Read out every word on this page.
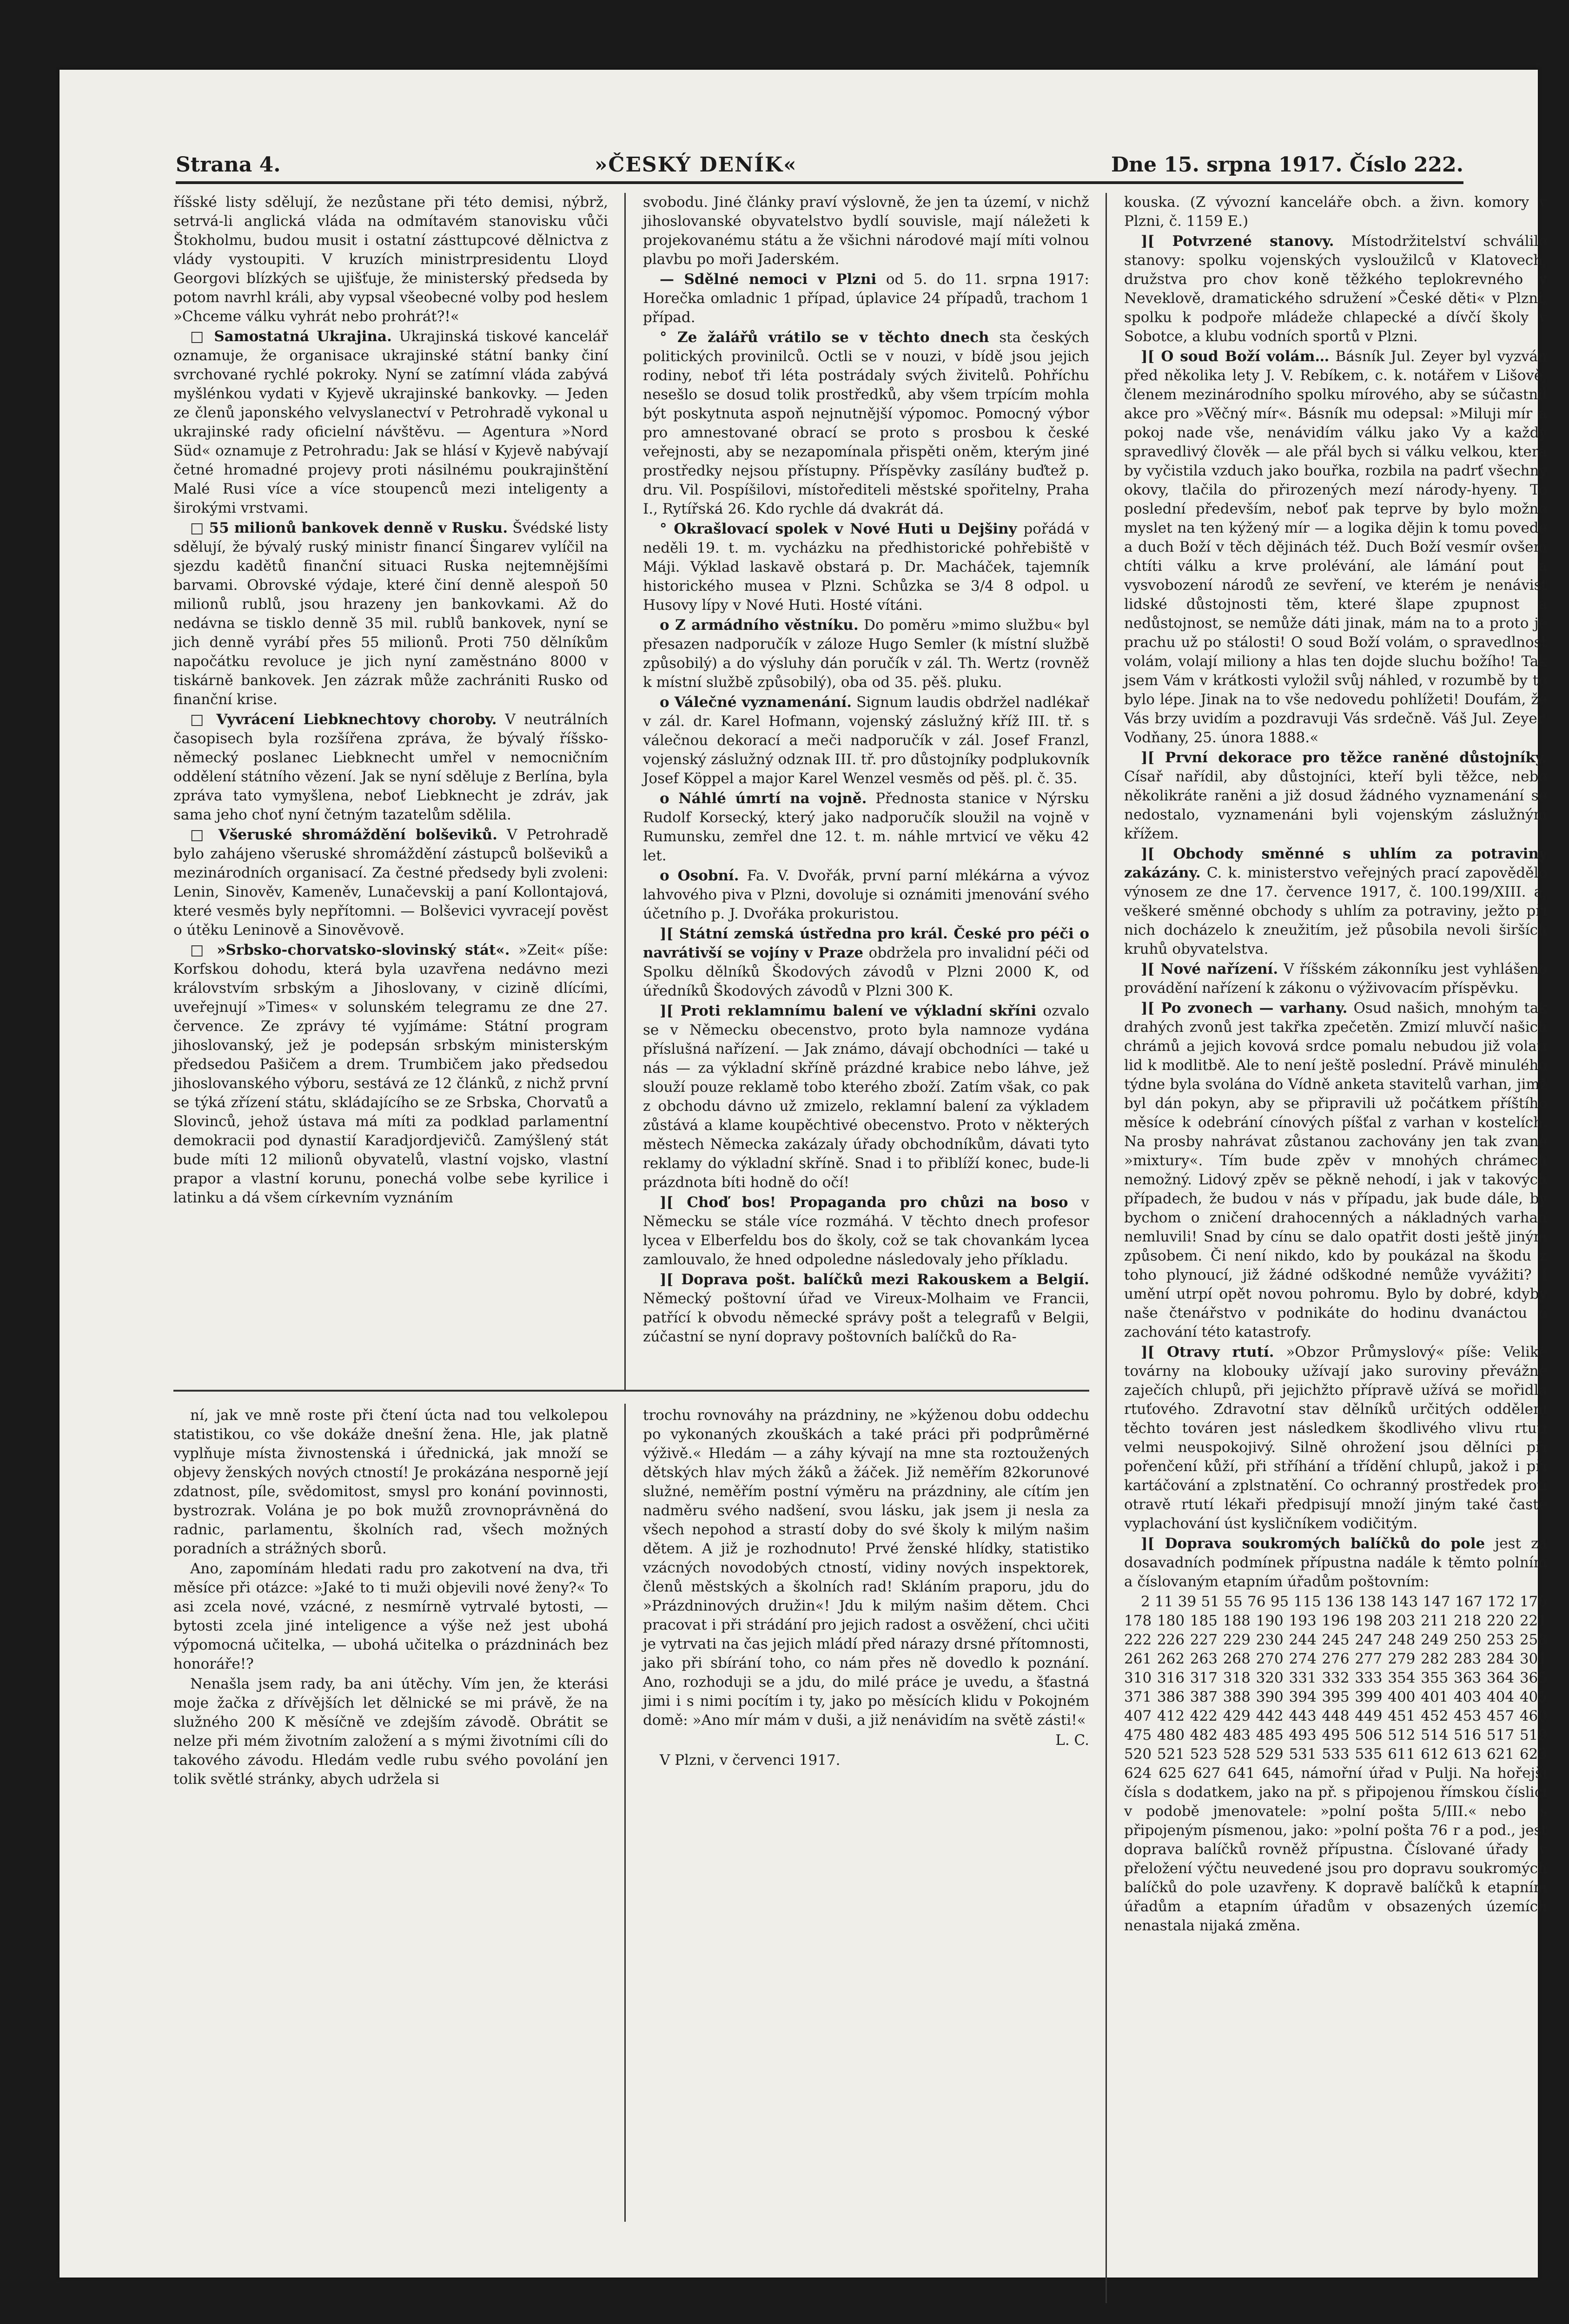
Strana 4.	»ČESKÝ DENÍK«	Dne 15. srpna 1917. Číslo 222.

říšské listy sdělují, že nezůstane při této demisi, nýbrž, setrvá-li anglická vláda na odmítavém stanovisku vůči Štokholmu, budou musit i ostatní zásttupcové dělnictva z vlády vystoupiti. V kruzích ministrpresidentu Lloyd Georgovi blízkých se ujišťuje, že ministerský předseda by potom navrhl králi, aby vypsal všeobecné volby pod heslem »Chceme válku vyhrát nebo prohrát?!«

□ Samostatná Ukrajina. Ukrajinská tiskové kancelář oznamuje, že organisace ukrajinské státní banky činí svrchované rychlé pokroky. Nyní se zatímní vláda zabývá myšlénkou vydati v Kyjevě ukrajinské bankovky. — Jeden ze členů japonského velvyslanectví v Petrohradě vykonal u ukrajinské rady oficielní návštěvu. — Agentura »Nord Süd« oznamuje z Petrohradu: Jak se hlásí v Kyjevě nabývají četné hromadné projevy proti násilnému poukrajinštění Malé Rusi více a více stoupenců mezi inteligenty a širokými vrstvami.

□ 55 milionů bankovek denně v Rusku. Švédské listy sdělují, že bývalý ruský ministr financí Šingarev vylíčil na sjezdu kadětů finanční situaci Ruska nejtemnějšími barvami. Obrovské výdaje, které činí denně alespoň 50 milionů rublů, jsou hrazeny jen bankovkami. Až do nedávna se tisklo denně 35 mil. rublů bankovek, nyní se jich denně vyrábí přes 55 milionů. Proti 750 dělníkům napočátku revoluce je jich nyní zaměstnáno 8000 v tiskárně bankovek. Jen zázrak může zachrániti Rusko od finanční krise.

□ Vyvrácení Liebknechtovy choroby. V neutrálních časopisech byla rozšířena zpráva, že bývalý říšsko-německý poslanec Liebknecht umřel v nemocničním oddělení státního vězení. Jak se nyní sděluje z Berlína, byla zpráva tato vymyšlena, neboť Liebknecht je zdráv, jak sama jeho choť nyní četným tazatelům sdělila.

□ Všeruské shromáždění bolševiků. V Petrohradě bylo zahájeno všeruské shromáždění zástupců bolševiků a mezinárodních organisací. Za čestné předsedy byli zvoleni: Lenin, Sinověv, Kameněv, Lunačevskij a paní Kollontajová, které vesměs byly nepřítomni. — Bolševici vyvracejí pověst o útěku Leninově a Sinověvově.

□ »Srbsko-chorvatsko-slovinský stát«. »Zeit« píše: Korfskou dohodu, která byla uzavřena nedávno mezi královstvím srbským a Jihoslovany, v cizině dlícími, uveřejnují »Times« v solunském telegramu ze dne 27. července. Ze zprávy té vyjímáme: Státní program jihoslovanský, jež je podepsán srbským ministerským předsedou Pašičem a drem. Trumbičem jako předsedou jihoslovanského výboru, sestává ze 12 článků, z nichž první se týká zřízení státu, skládajícího se ze Srbska, Chorvatů a Slovinců, jehož ústava má míti za podklad parlamentní demokracii pod dynastií Karadjordjevičů. Zamýšlený stát bude míti 12 milionů obyvatelů, vlastní vojsko, vlastní prapor a vlastní korunu, ponechá volbe sebe kyrilice i latinku a dá všem církevním vyznáním

svobodu. Jiné články praví výslovně, že jen ta území, v nichž jihoslovanské obyvatelstvo bydlí souvisle, mají náležeti k projekovanému státu a že všichni národové mají míti volnou plavbu po moři Jaderském.

— Sdělné nemoci v Plzni od 5. do 11. srpna 1917: Horečka omladnic 1 případ, úplavice 24 případů, trachom 1 případ.

° Ze žalářů vrátilo se v těchto dnech sta českých politických provinilců. Octli se v nouzi, v bídě jsou jejich rodiny, neboť tři léta postrádaly svých živitelů. Pohříchu nesešlo se dosud tolik prostředků, aby všem trpícím mohla být poskytnuta aspoň nejnutnější výpomoc. Pomocný výbor pro amnestované obrací se proto s prosbou k české veřejnosti, aby se nezapomínala přispěti oněm, kterým jiné prostředky nejsou přístupny. Příspěvky zasílány buďtež p. dru. Vil. Pospíšilovi, místořediteli městské spořitelny, Praha I., Rytířská 26. Kdo rychle dá dvakrát dá.

° Okrašlovací spolek v Nové Huti u Dejšiny pořádá v neděli 19. t. m. vycházku na předhistorické pohřebiště v Máji. Výklad laskavě obstará p. Dr. Macháček, tajemník historického musea v Plzni. Schůzka se 3/4 8 odpol. u Husovy lípy v Nové Huti. Hosté vítáni.

o Z armádního věstníku. Do poměru »mimo službu« byl přesazen nadporučík v záloze Hugo Semler (k místní službě způsobilý) a do výsluhy dán poručík v zál. Th. Wertz (rovněž k místní službě způsobilý), oba od 35. pěš. pluku.

o Válečné vyznamenání. Signum laudis obdržel nadlékař v zál. dr. Karel Hofmann, vojenský záslužný kříž III. tř. s válečnou dekorací a meči nadporučík v zál. Josef Franzl, vojenský záslužný odznak III. tř. pro důstojníky podplukovník Josef Köppel a major Karel Wenzel vesměs od pěš. pl. č. 35.

o Náhlé úmrtí na vojně. Přednosta stanice v Nýrsku Rudolf Korsecký, který jako nadporučík sloužil na vojně v Rumunsku, zemřel dne 12. t. m. náhle mrtvicí ve věku 42 let.

o Osobní. Fa. V. Dvořák, první parní mlékárna a vývoz lahvového piva v Plzni, dovoluje si oznámiti jmenování svého účetního p. J. Dvořáka prokuristou.

][ Státní zemská ústředna pro král. České pro péči o navrátivší se vojíny v Praze obdržela pro invalidní péči od Spolku dělníků Škodových závodů v Plzni 2000 K, od úředníků Škodových závodů v Plzni 300 K.

][ Proti reklamnímu balení ve výkladní skříni ozvalo se v Německu obecenstvo, proto byla namnoze vydána příslušná nařízení. — Jak známo, dávají obchodníci — také u nás — za výkladní skříně prázdné krabice nebo láhve, jež slouží pouze reklamě tobo kterého zboží. Zatím však, co pak z obchodu dávno už zmizelo, reklamní balení za výkladem zůstává a klame koupěchtivé obecenstvo. Proto v některých městech Německa zakázaly úřady obchodníkům, dávati tyto reklamy do výkladní skříně. Snad i to přiblíží konec, bude-li prázdnota bíti hodně do očí!

][ Choď bos! Propaganda pro chůzi na boso v Německu se stále více rozmáhá. V těchto dnech profesor lycea v Elberfeldu bos do školy, což se tak chovankám lycea zamlouvalo, že hned odpoledne následovaly jeho příkladu.

][ Doprava pošt. balíčků mezi Rakouskem a Belgií. Německý poštovní úřad ve Vireux-Molhaim ve Francii, patřící k obvodu německé správy pošt a telegrafů v Belgii, zúčastní se nyní dopravy poštovních balíčků do Ra-

kouska. (Z vývozní kanceláře obch. a živn. komory v Plzni, č. 1159 E.)

][ Potvrzené stanovy. Místodržitelství schválilo stanovy: spolku vojenských vysloužilců v Klatovech, družstva pro chov koně těžkého teplokrevného v Neveklově, dramatického sdružení »České děti« v Plzni, spolku k podpoře mládeže chlapecké a dívčí školy v Sobotce, a klubu vodních sportů v Plzni.

][ O soud Boží volám… Básník Jul. Zeyer byl vyzván před několika lety J. V. Rebíkem, c. k. notářem v Lišově, členem mezinárodního spolku mírového, aby se súčastnil akce pro »Věčný mír«. Básník mu odepsal: »Miluji mír a pokoj nade vše, nenávidím válku jako Vy a každý spravedlivý člověk — ale přál bych si válku velkou, která by vyčistila vzduch jako bouřka, rozbila na padrť všechny okovy, tlačila do přirozených mezí národy-hyeny. To poslední především, neboť pak teprve by bylo možno myslet na ten kýžený mír — a logika dějin k tomu povede a duch Boží v těch dějinách též. Duch Boží vesmír ovšem chtíti válku a krve prolévání, ale lámání pout a vysvobození národů ze sevření, ve kterém je nenávist lidské důstojnosti těm, které šlape zpupnost a nedůstojnost, se nemůže dáti jinak, mám na to a proto je prachu už po stálosti! O soud Boží volám, o spravedlnost volám, volají miliony a hlas ten dojde sluchu božího! Tak jsem Vám v krátkosti vyložil svůj náhled, v rozumbě by to bylo lépe. Jinak na to vše nedovedu pohlížeti! Doufám, že Vás brzy uvidím a pozdravuji Vás srdečně. Váš Jul. Zeyer. Vodňany, 25. února 1888.«

][ První dekorace pro těžce raněné důstojníky. Císař nařídil, aby důstojníci, kteří byli těžce, nebo několikráte raněni a již dosud žádného vyznamenání se nedostalo, vyznamenáni byli vojenským záslužným křížem.

][ Obchody směnné s uhlím za potraviny zakázány. C. k. ministerstvo veřejných prací zapovědělo výnosem ze dne 17. července 1917, č. 100.199/XIII. a, veškeré směnné obchody s uhlím za potraviny, ježto při nich docházelo k zneužitím, jež působila nevoli širších kruhů obyvatelstva.

][ Nové nařízení. V říšském zákonníku jest vyhlášeno provádění nařízení k zákonu o výživovacím příspěvku.

][ Po zvonech — varhany. Osud našich, mnohým tak drahých zvonů jest takřka zpečetěn. Zmizí mluvčí našich chrámů a jejich kovová srdce pomalu nebudou již volati lid k modlitbě. Ale to není ještě poslední. Právě minulého týdne byla svolána do Vídně anketa stavitelů varhan, jimž byl dán pokyn, aby se připravili už počátkem příštího měsíce k odebrání cínových píšťal z varhan v kostelích. Na prosby nahrávat zůstanou zachovány jen tak zvané »mixtury«. Tím bude zpěv v mnohých chrámech nemožný. Lidový zpěv se pěkně nehodí, i jak v takových případech, že budou v nás v případu, jak bude dále, by bychom o zničení drahocenných a nákladných varhan nemluvili! Snad by cínu se dalo opatřit dosti ještě jiným způsobem. Či není nikdo, kdo by poukázal na škodu z toho plynoucí, již žádné odškodné nemůže vyvážiti? I umění utrpí opět novou pohromu. Bylo by dobré, kdyby naše čtenářstvo v podnikáte do hodinu dvanáctou o zachování této katastrofy.

][ Otravy rtutí. »Obzor Průmyslový« píše: Veliké továrny na klobouky užívají jako suroviny převážně zaječích chlupů, při jejichžto přípravě užívá se mořidla rtuťového. Zdravotní stav dělníků určitých oddělení těchto továren jest následkem škodlivého vlivu rtuti velmi neuspokojivý. Silně ohrožení jsou dělníci při pořenčení kůží, při stříhání a třídění chlupů, jakož i při kartáčování a zplstnatění. Co ochranný prostředek proti otravě rtutí lékaři předpisují množí jiným také časté vyplachování úst kysličníkem vodičitým.

][ Doprava soukromých balíčků do pole jest za dosavadních podmínek přípustna nadále k těmto polním a číslovaným etapním úřadům poštovním:

2 11 39 51 55 76 95 115 136 138 143 147 167 172 176 178 180 185 188 190 193 196 198 203 211 218 220 221 222 226 227 229 230 244 245 247 248 249 250 253 258 261 262 263 268 270 274 276 277 279 282 283 284 301 310 316 317 318 320 331 332 333 354 355 363 364 365 371 386 387 388 390 394 395 399 400 401 403 404 405 407 412 422 429 442 443 448 449 451 452 453 457 460 475 480 482 483 485 493 495 506 512 514 516 517 519 520 521 523 528 529 531 533 535 611 612 613 621 623 624 625 627 641 645, námořní úřad v Pulji. Na hořejší čísla s dodatkem, jako na př. s připojenou římskou číslicí v podobě jmenovatele: »polní pošta 5/III.« nebo s připojeným písmenou, jako: »polní pošta 76 r a pod., jest doprava balíčků rovněž přípustna. Číslované úřady v přeložení výčtu neuvedené jsou pro dopravu soukromých balíčků do pole uzavřeny. K dopravě balíčků k etapním úřadům a etapním úřadům v obsazených územích nenastala nijaká změna.

ní, jak ve mně roste při čtení úcta nad tou velkolepou statistikou, co vše dokáže dnešní žena. Hle, jak platně vyplňuje místa živnostenská i úřednická, jak množí se objevy ženských nových ctností! Je prokázána nesporně její zdatnost, píle, svědomitost, smysl pro konání povinnosti, bystrozrak. Volána je po bok mužů zrovnoprávněná do radnic, parlamentu, školních rad, všech možných poradních a strážných sborů.

Ano, zapomínám hledati radu pro zakotvení na dva, tři měsíce při otázce: »Jaké to ti muži objevili nové ženy?« To asi zcela nové, vzácné, z nesmírně vytrvalé bytosti, — bytosti zcela jiné inteligence a výše než jest ubohá výpomocná učitelka, — ubohá učitelka o prázdninách bez honoráře!?

Nenašla jsem rady, ba ani útěchy. Vím jen, že kterási moje žačka z dřívějších let dělnické se mi právě, že na služného 200 K měsíčně ve zdejším závodě. Obrátit se nelze při mém životním založení a s mými životními cíli do takového závodu. Hledám vedle rubu svého povolání jen tolik světlé stránky, abych udržela si

trochu rovnováhy na prázdniny, ne »kýženou dobu oddechu po vykonaných zkouškách a také práci při podprůměrné výživě.« Hledám — a záhy kývají na mne sta roztoužených dětských hlav mých žáků a žáček. Již neměřím 82korunové služné, neměřím postní výměru na prázdniny, ale cítím jen nadměru svého nadšení, svou lásku, jak jsem ji nesla za všech nepohod a strastí doby do své školy k milým našim dětem. A již je rozhodnuto! Prvé ženské hlídky, statistiko vzácných novodobých ctností, vidiny nových inspektorek, členů městských a školních rad! Skláním praporu, jdu do »Prázdninových družin«! Jdu k milým našim dětem. Chci pracovat i při strádání pro jejich radost a osvěžení, chci učiti je vytrvati na čas jejich mládí před nárazy drsné přítomnosti, jako při sbírání toho, co nám přes ně dovedlo k poznání. Ano, rozhoduji se a jdu, do milé práce je uvedu, a šťastná jimi i s nimi pocítím i ty, jako po měsících klidu v Pokojném domě: »Ano mír mám v duši, a již nenávidím na světě zásti!«

L. C.

V Plzni, v červenci 1917.
